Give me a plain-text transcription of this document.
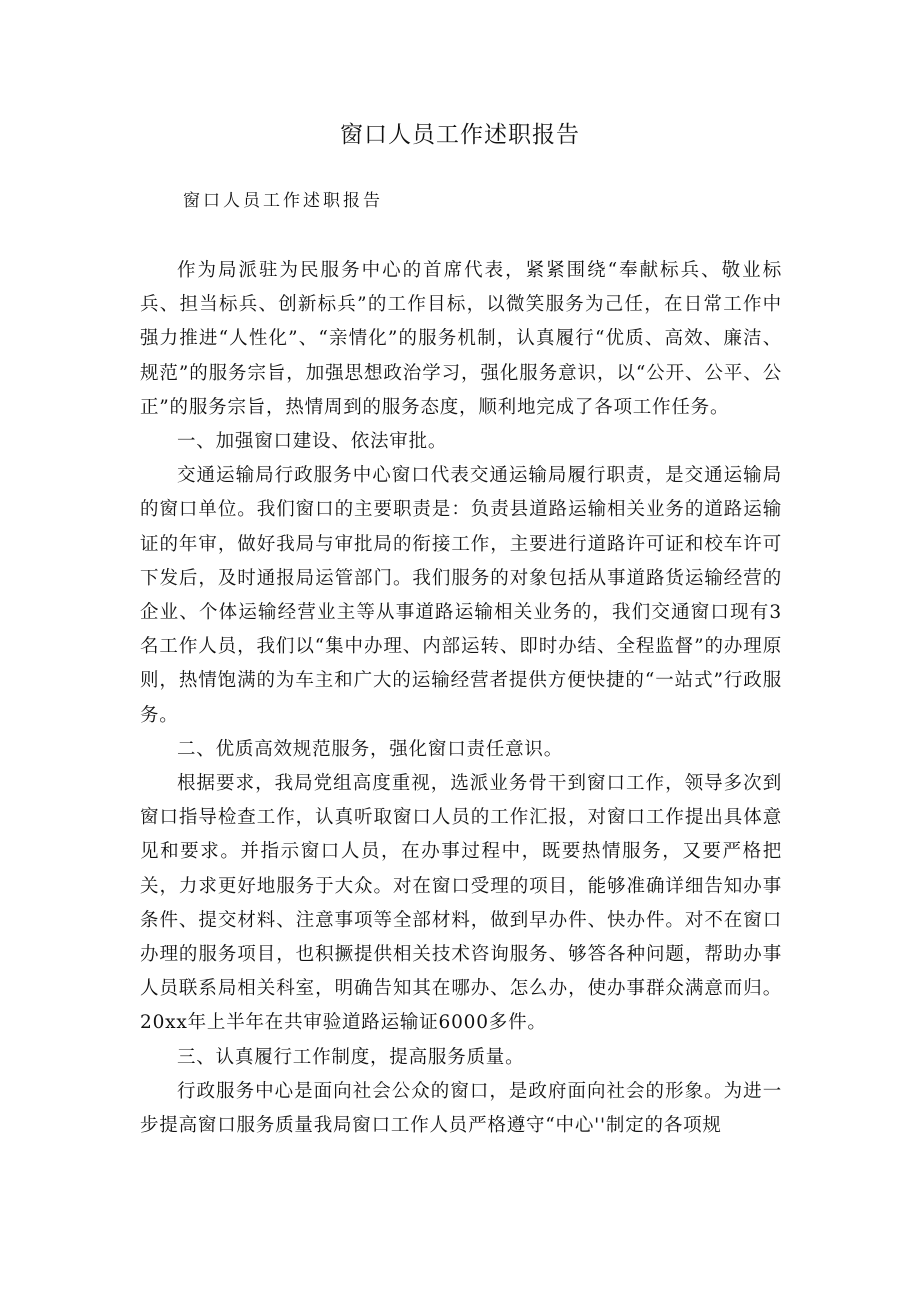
窗口人员工作述职报告
窗口人员工作述职报告

作为局派驻为民服务中心的首席代表，紧紧围绕“奉献标兵、敬业标兵、担当标兵、创新标兵”的工作目标，以微笑服务为己任，在日常工作中强力推进“人性化”、“亲情化”的服务机制，认真履行“优质、高效、廉洁、规范”的服务宗旨，加强思想政治学习，强化服务意识，以“公开、公平、公正”的服务宗旨，热情周到的服务态度，顺利地完成了各项工作任务。

一、加强窗口建设、依法审批。

交通运输局行政服务中心窗口代表交通运输局履行职责，是交通运输局的窗口单位。我们窗口的主要职责是：负责县道路运输相关业务的道路运输证的年审，做好我局与审批局的衔接工作，主要进行道路许可证和校车许可下发后，及时通报局运管部门。我们服务的对象包括从事道路货运输经营的企业、个体运输经营业主等从事道路运输相关业务的，我们交通窗口现有3名工作人员，我们以“集中办理、内部运转、即时办结、全程监督”的办理原则，热情饱满的为车主和广大的运输经营者提供方便快捷的“一站式”行政服务。

二、优质高效规范服务，强化窗口责任意识。

根据要求，我局党组高度重视，选派业务骨干到窗口工作，领导多次到窗口指导检查工作，认真听取窗口人员的工作汇报，对窗口工作提出具体意见和要求。并指示窗口人员，在办事过程中，既要热情服务，又要严格把关，力求更好地服务于大众。对在窗口受理的项目，能够准确详细告知办事条件、提交材料、注意事项等全部材料，做到早办件、快办件。对不在窗口办理的服务项目，也积撅提供相关技术咨询服务、够答各种问题，帮助办事人员联系局相关科室，明确告知其在哪办、怎么办，使办事群众满意而归。20xx年上半年在共审验道路运输证6000多件。

三、认真履行工作制度，提高服务质量。

行政服务中心是面向社会公众的窗口，是政府面向社会的形象。为进一步提高窗口服务质量我局窗口工作人员严格遵守“中心''制定的各项规
